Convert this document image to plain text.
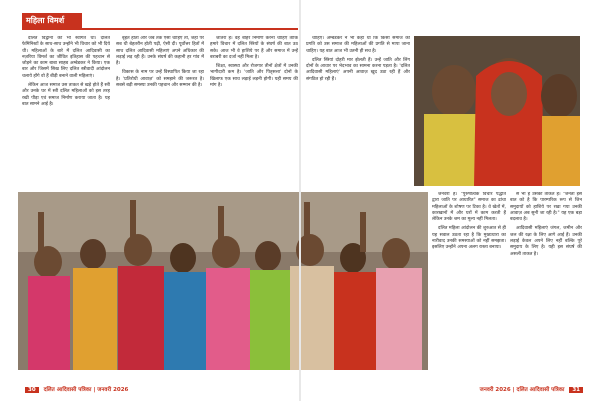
महिला विमर्श

दलित विद्वानों की भी स्वागत थी। दलित फेमिनिस्टों के साथ-साथ उन्होंने भी विचार को भी दिये थी। महिलाओं के बारे में दलित आदिवासी का नज़रिया विमर्श का जीवित इतिहास की पहचान से जोड़ने का काम बाबा साहब अम्बेडकर ने किया। एक बार और जिसमें सिख लिए दलित स्त्रीवादी आंदोलन चलाये होंगे वो हैं बीड़ी बनाने वाली महिलाएं।

लेकिन आज समाज उस ताकत से खड़े होते हैं स्त्री और उनके घर में स्त्री दलित महिलाओं को इस तरह रखी पीड़ा एवं समाज निर्माण कराया जाता है। यह बात सामने आई है।

बृहत होता और जब तक ऐसा चाहिए तो, जहां पर सब थी बेहतरीन होती पढ़ी, ऐसी दी। पूर्वोत्तर हितों में साथ दलित आदिवासी महिलाएं अपने अधिकार की लड़ाई लड़ रही हैं। उनके संघर्ष की कहानी हर गांव में है।

विकास के नाम पर उन्हें विस्थापित किया जा रहा है। 'प्रतिरोधी आवाज़' को समझने की जरूरत है। सबसे बड़ी समस्या उनकी पहचान और सम्मान की है।

जातरों हैं। वह बाहर निर्माण करना चाहिए ताकि हमारे विचार में दलित स्त्रियों के संघर्ष की बात उठ सके। आज भी वे हाशिये पर हैं और समाज में उन्हें बराबरी का दर्जा नहीं मिला है।

शिक्षा, स्वास्थ्य और रोजगार तीनों क्षेत्रों में उनकी भागीदारी कम है। 'जाति और पितृसत्ता' दोनों के खिलाफ एक साथ लड़ाई लड़नी होगी। यही समय की मांग है।

30 दलित आदिवासी पत्रिका | जनवरी 2026

चाहिए। अम्बेडकर ने भी कहा था कि किसी समाज की प्रगति को उस समाज की महिलाओं की प्रगति से मापा जाना चाहिए। यह बात आज भी उतनी ही सच है।

दलित स्त्रियां दोहरी मार झेलती हैं। उन्हें जाति और लिंग दोनों के आधार पर भेदभाव का सामना करना पड़ता है। 'दलित आदिवासी महिलाएं' अपनी आवाज़ खुद उठा रही हैं और संगठित हो रही हैं।

जनवरी है। "पुरुषत्विक विचार पद्धति द्वारा जाति पर आधारित" समाज का ढांचा महिलाओं के शोषण पर टिका है। वे खेतों में, कारखानों में और घरों में काम करती हैं लेकिन उनके श्रम का मूल्य नहीं मिलता।

दलित महिला आंदोलन की शुरुआत से ही यह सवाल उठता रहा है कि मुख्यधारा का नारीवाद उनकी समस्याओं को नहीं समझता। इसलिए उन्होंने अपना अलग रास्ता बनाया।

से भी हैं उसकी ताकत है। "जनता इस बात को है कि पारम्परिक रूप से जिन समुदायों को हाशिये पर रखा गया उनकी आवाज़ अब सुनी जा रही है।" यह एक बड़ा बदलाव है।

आदिवासी महिलाएं जंगल, जमीन और जल की रक्षा के लिए आगे आई हैं। उनकी लड़ाई केवल अपने लिए नहीं बल्कि पूरे समुदाय के लिए है। यही इस संघर्ष की असली ताकत है।

जनवरी 2026 | दलित आदिवासी पत्रिका 31
